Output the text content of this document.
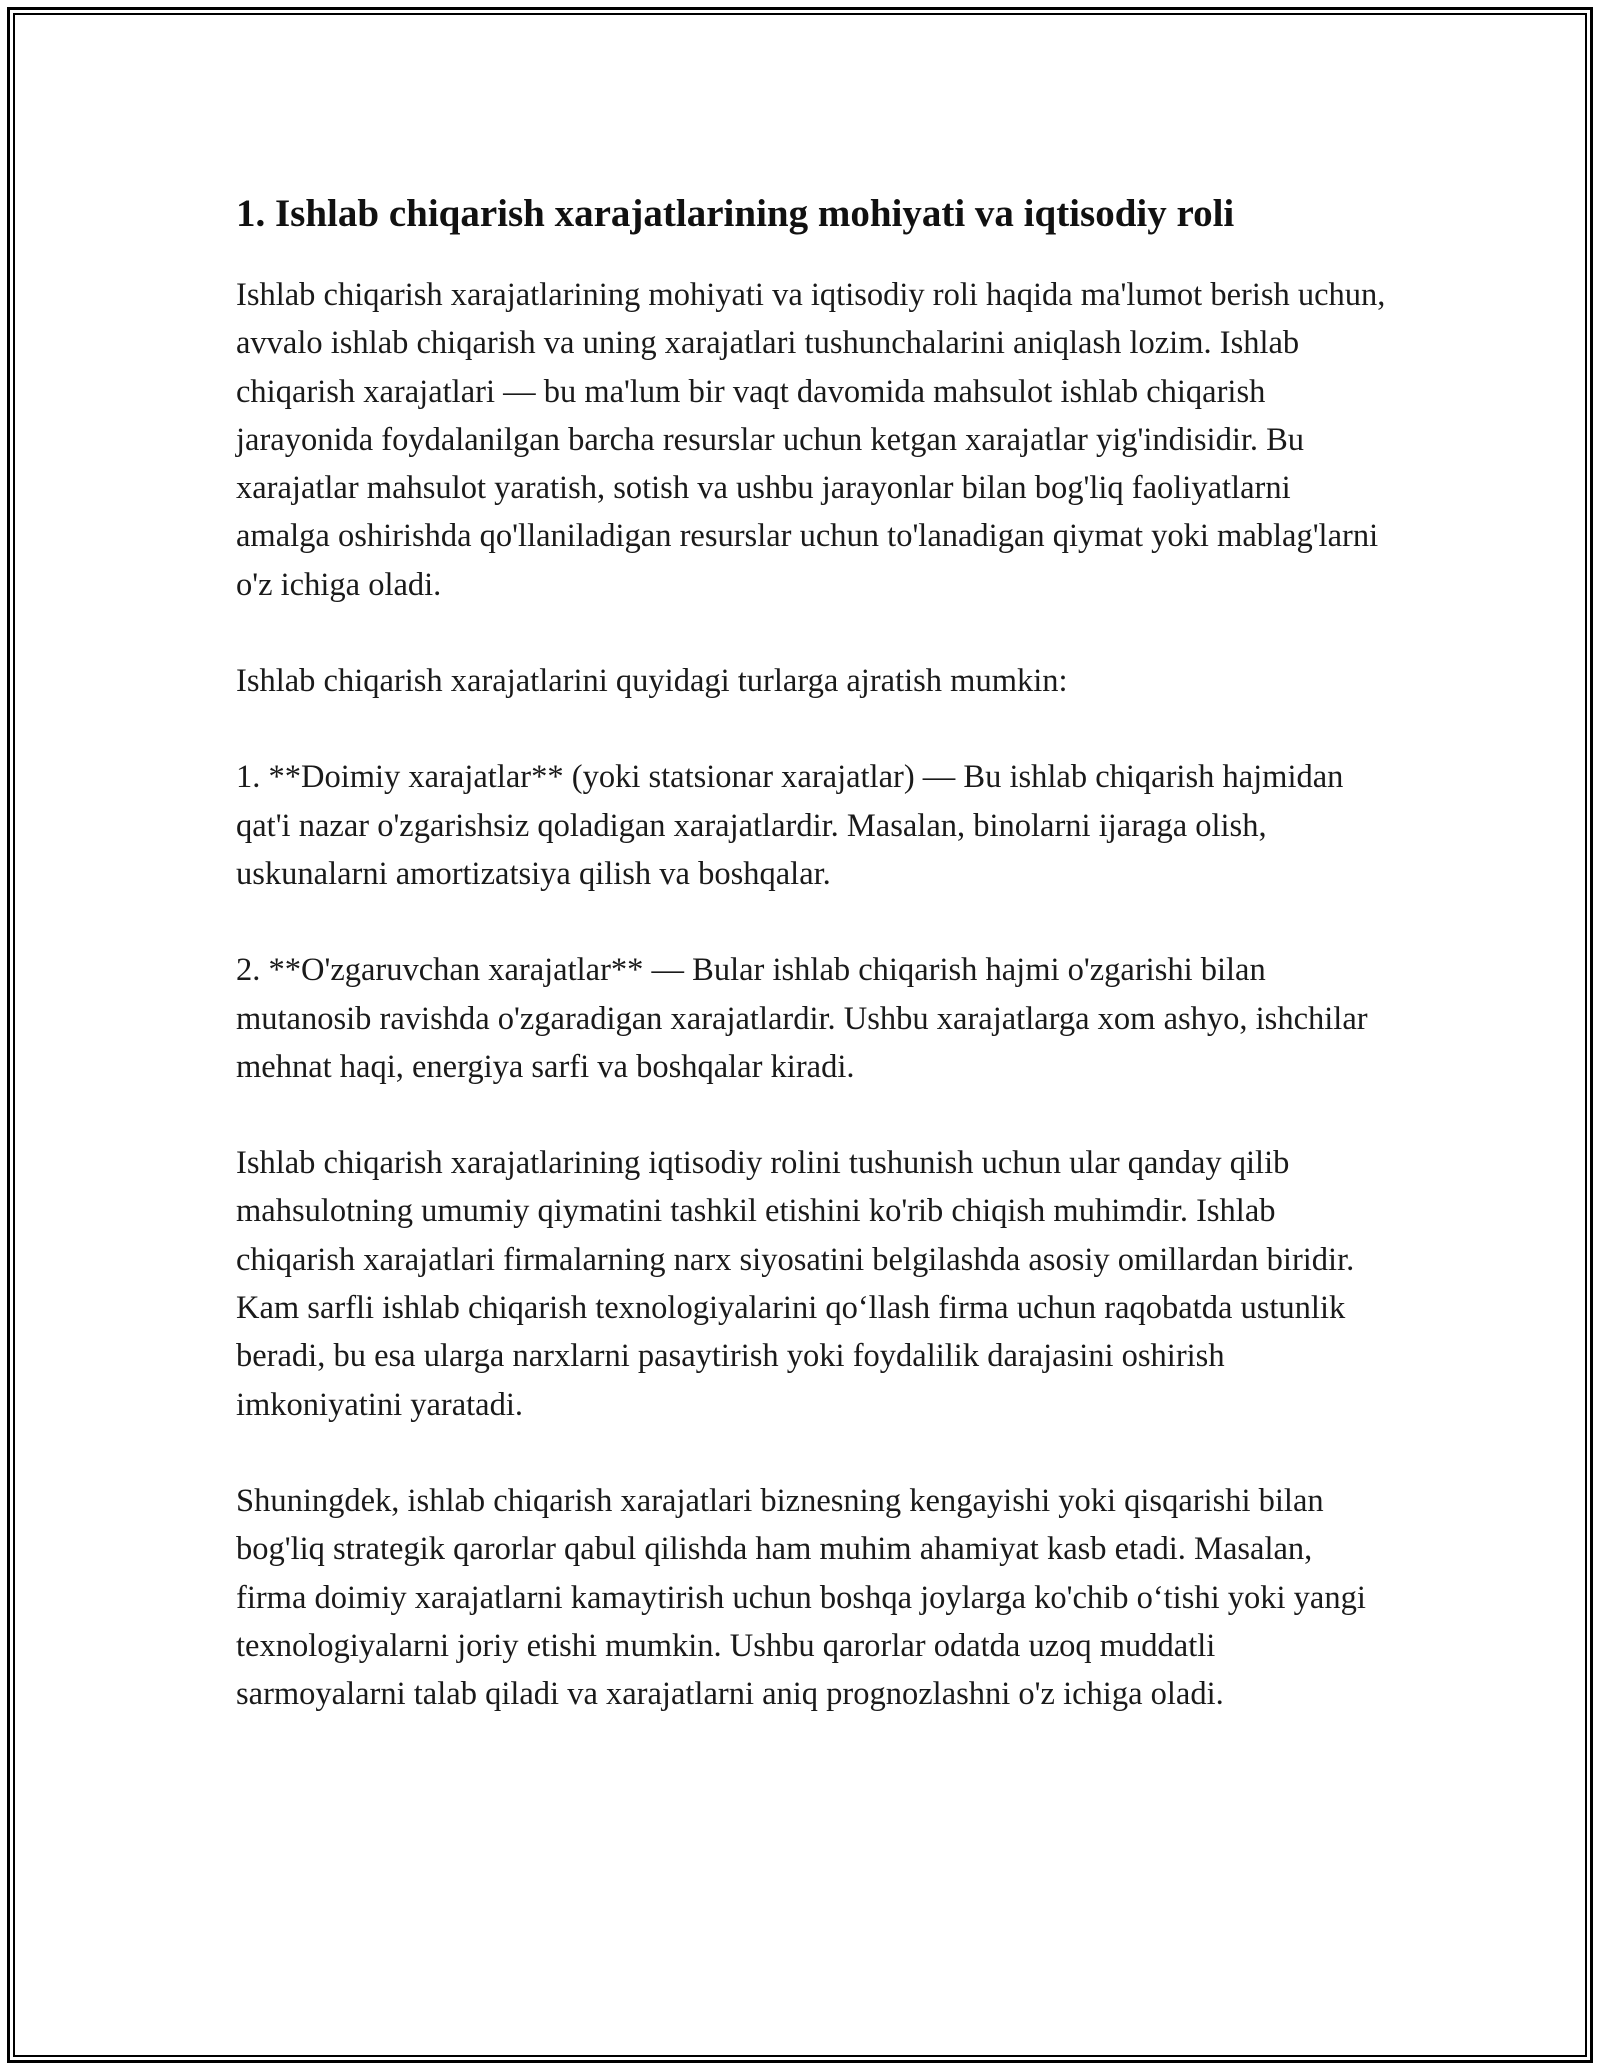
1. Ishlab chiqarish xarajatlarining mohiyati va iqtisodiy roli

Ishlab chiqarish xarajatlarining mohiyati va iqtisodiy roli haqida ma'lumot berish uchun, avvalo ishlab chiqarish va uning xarajatlari tushunchalarini aniqlash lozim. Ishlab chiqarish xarajatlari — bu ma'lum bir vaqt davomida mahsulot ishlab chiqarish jarayonida foydalanilgan barcha resurslar uchun ketgan xarajatlar yig'indisidir. Bu xarajatlar mahsulot yaratish, sotish va ushbu jarayonlar bilan bog'liq faoliyatlarni amalga oshirishda qo'llaniladigan resurslar uchun to'lanadigan qiymat yoki mablag'larni o'z ichiga oladi.

Ishlab chiqarish xarajatlarini quyidagi turlarga ajratish mumkin:

1. **Doimiy xarajatlar** (yoki statsionar xarajatlar) — Bu ishlab chiqarish hajmidan qat'i nazar o'zgarishsiz qoladigan xarajatlardir. Masalan, binolarni ijaraga olish, uskunalarni amortizatsiya qilish va boshqalar.

2. **O'zgaruvchan xarajatlar** — Bular ishlab chiqarish hajmi o'zgarishi bilan mutanosib ravishda o'zgaradigan xarajatlardir. Ushbu xarajatlarga xom ashyo, ishchilar mehnat haqi, energiya sarfi va boshqalar kiradi.

Ishlab chiqarish xarajatlarining iqtisodiy rolini tushunish uchun ular qanday qilib mahsulotning umumiy qiymatini tashkil etishini ko'rib chiqish muhimdir. Ishlab chiqarish xarajatlari firmalarning narx siyosatini belgilashda asosiy omillardan biridir. Kam sarfli ishlab chiqarish texnologiyalarini qo‘llash firma uchun raqobatda ustunlik beradi, bu esa ularga narxlarni pasaytirish yoki foydalilik darajasini oshirish imkoniyatini yaratadi.

Shuningdek, ishlab chiqarish xarajatlari biznesning kengayishi yoki qisqarishi bilan bog'liq strategik qarorlar qabul qilishda ham muhim ahamiyat kasb etadi. Masalan, firma doimiy xarajatlarni kamaytirish uchun boshqa joylarga ko'chib o‘tishi yoki yangi texnologiyalarni joriy etishi mumkin. Ushbu qarorlar odatda uzoq muddatli sarmoyalarni talab qiladi va xarajatlarni aniq prognozlashni o'z ichiga oladi.
